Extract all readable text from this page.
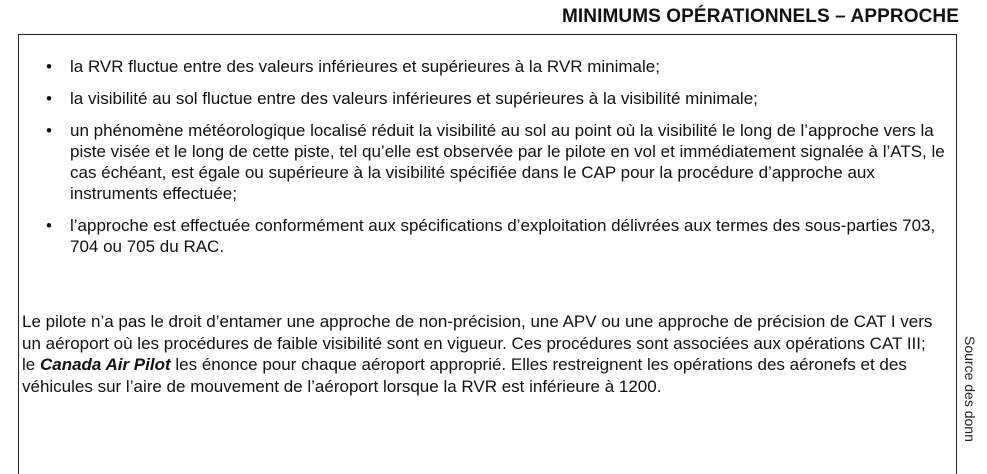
MINIMUMS OPÉRATIONNELS – APPROCHE
• la RVR fluctue entre des valeurs inférieures et supérieures à la RVR minimale;
• la visibilité au sol fluctue entre des valeurs inférieures et supérieures à la visibilité minimale;
• un phénomène météorologique localisé réduit la visibilité au sol au point où la visibilité le long de l’approche vers la piste visée et le long de cette piste, tel qu’elle est observée par le pilote en vol et immédiatement signalée à l’ATS, le cas échéant, est égale ou supérieure à la visibilité spécifiée dans le CAP pour la procédure d’approche aux instruments effectuée;
• l’approche est effectuée conformément aux spécifications d’exploitation délivrées aux termes des sous-parties 703, 704 ou 705 du RAC.

Le pilote n’a pas le droit d’entamer une approche de non-précision, une APV ou une approche de précision de CAT I vers un aéroport où les procédures de faible visibilité sont en vigueur. Ces procédures sont associées aux opérations CAT III; le Canada Air Pilot les énonce pour chaque aéroport approprié. Elles restreignent les opérations des aéronefs et des véhicules sur l’aire de mouvement de l’aéroport lorsque la RVR est inférieure à 1200.	Source des donn
